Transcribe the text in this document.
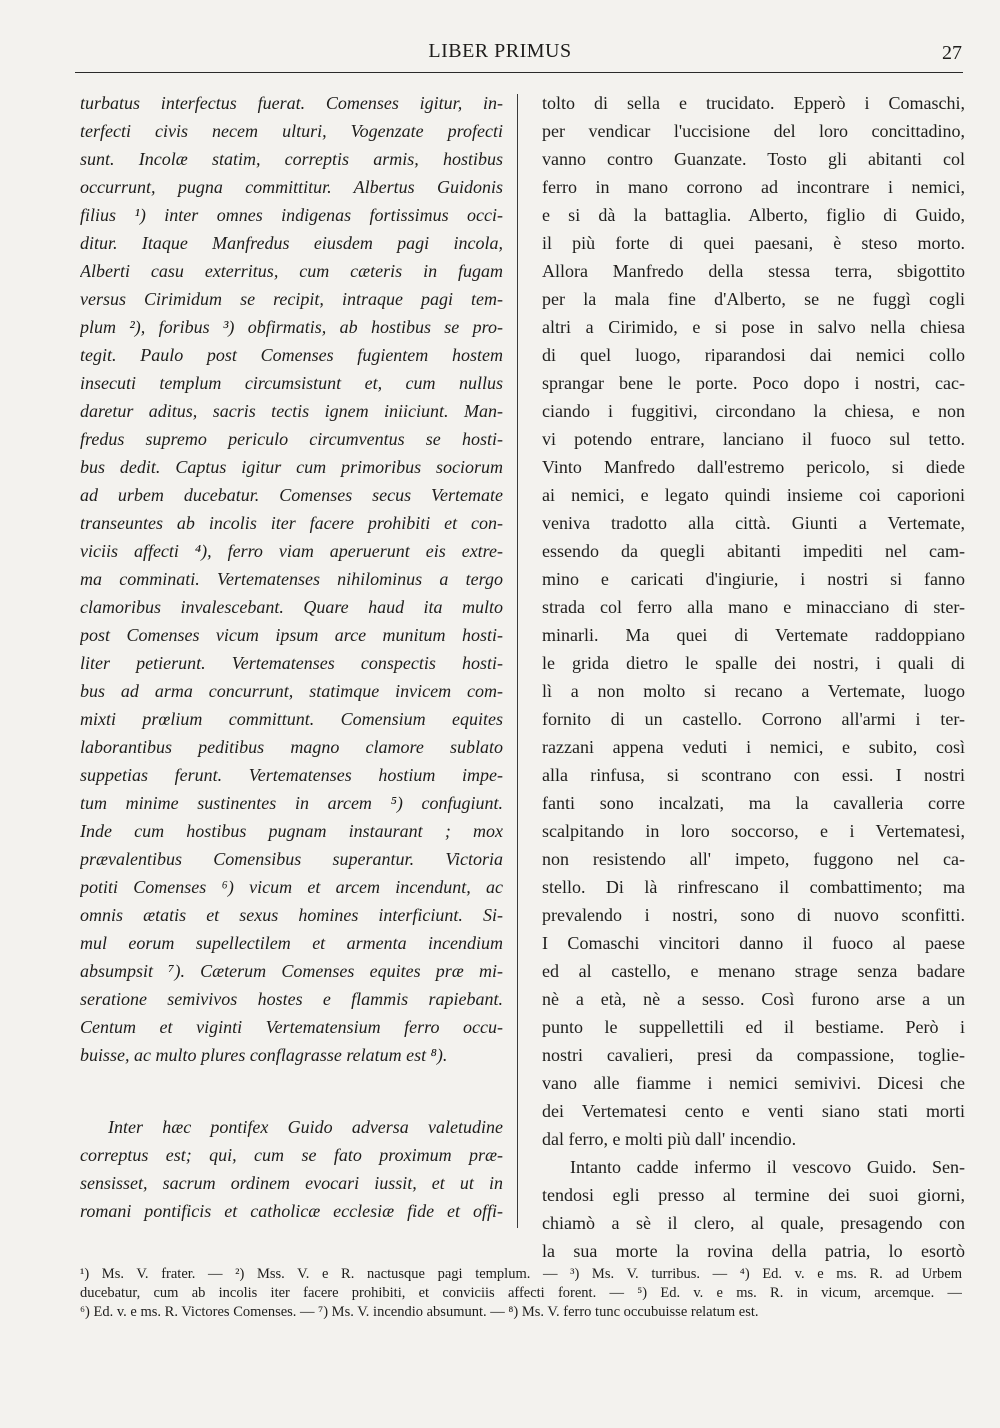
LIBER PRIMUS	27
turbatus interfectus fuerat. Comenses igitur, in-
terfecti civis necem ulturi, Vogenzate profecti
sunt. Incolæ statim, correptis armis, hostibus
occurrunt, pugna committitur. Albertus Guidonis
filius ¹) inter omnes indigenas fortissimus occi-
ditur. Itaque Manfredus eiusdem pagi incola,
Alberti casu exterritus, cum cæteris in fugam
versus Cirimidum se recipit, intraque pagi tem-
plum ²), foribus ³) obfirmatis, ab hostibus se pro-
tegit. Paulo post Comenses fugientem hostem
insecuti templum circumsistunt et, cum nullus
daretur aditus, sacris tectis ignem iniiciunt. Man-
fredus supremo periculo circumventus se hosti-
bus dedit. Captus igitur cum primoribus sociorum
ad urbem ducebatur. Comenses secus Vertemate
transeuntes ab incolis iter facere prohibiti et con-
viciis affecti ⁴), ferro viam aperuerunt eis extre-
ma comminati. Vertematenses nihilominus a tergo
clamoribus invalescebant. Quare haud ita multo
post Comenses vicum ipsum arce munitum hosti-
liter petierunt. Vertematenses conspectis hosti-
bus ad arma concurrunt, statimque invicem com-
mixti prœlium committunt. Comensium equites
laborantibus peditibus magno clamore sublato
suppetias ferunt. Vertematenses hostium impe-
tum minime sustinentes in arcem ⁵) confugiunt.
Inde cum hostibus pugnam instaurant ; mox
prævalentibus Comensibus superantur. Victoria
potiti Comenses ⁶) vicum et arcem incendunt, ac
omnis ætatis et sexus homines interficiunt. Si-
mul eorum supellectilem et armenta incendium
absumpsit ⁷). Cæterum Comenses equites præ mi-
seratione semivivos hostes e flammis rapiebant.
Centum et viginti Vertematensium ferro occu-
buisse, ac multo plures conflagrasse relatum est ⁸).
Inter hæc pontifex Guido adversa valetudine
correptus est; qui, cum se fato proximum præ-
sensisset, sacrum ordinem evocari iussit, et ut in
romani pontificis et catholicæ ecclesiæ fide et offi-
tolto di sella e trucidato. Epperò i Comaschi,
per vendicar l'uccisione del loro concittadino,
vanno contro Guanzate. Tosto gli abitanti col
ferro in mano corrono ad incontrare i nemici,
e si dà la battaglia. Alberto, figlio di Guido,
il più forte di quei paesani, è steso morto.
Allora Manfredo della stessa terra, sbigottito
per la mala fine d'Alberto, se ne fuggì cogli
altri a Cirimido, e si pose in salvo nella chiesa
di quel luogo, riparandosi dai nemici collo
sprangar bene le porte. Poco dopo i nostri, cac-
ciando i fuggitivi, circondano la chiesa, e non
vi potendo entrare, lanciano il fuoco sul tetto.
Vinto Manfredo dall'estremo pericolo, si diede
ai nemici, e legato quindi insieme coi caporioni
veniva tradotto alla città. Giunti a Vertemate,
essendo da quegli abitanti impediti nel cam-
mino e caricati d'ingiurie, i nostri si fanno
strada col ferro alla mano e minacciano di ster-
minarli. Ma quei di Vertemate raddoppiano
le grida dietro le spalle dei nostri, i quali di
lì a non molto si recano a Vertemate, luogo
fornito di un castello. Corrono all'armi i ter-
razzani appena veduti i nemici, e subito, così
alla rinfusa, si scontrano con essi. I nostri
fanti sono incalzati, ma la cavalleria corre
scalpitando in loro soccorso, e i Vertematesi,
non resistendo all' impeto, fuggono nel ca-
stello. Di là rinfrescano il combattimento; ma
prevalendo i nostri, sono di nuovo sconfitti.
I Comaschi vincitori danno il fuoco al paese
ed al castello, e menano strage senza badare
nè a età, nè a sesso. Così furono arse a un
punto le suppellettili ed il bestiame. Però i
nostri cavalieri, presi da compassione, toglie-
vano alle fiamme i nemici semivivi. Dicesi che
dei Vertematesi cento e venti siano stati morti
dal ferro, e molti più dall' incendio.
Intanto cadde infermo il vescovo Guido. Sen-
tendosi egli presso al termine dei suoi giorni,
chiamò a sè il clero, al quale, presagendo con
la sua morte la rovina della patria, lo esortò
¹) Ms. V. frater. — ²) Mss. V. e R. nactusque pagi templum. — ³) Ms. V. turribus. — ⁴) Ed. v. e ms. R. ad Urbem
ducebatur, cum ab incolis iter facere prohibiti, et conviciis affecti forent. — ⁵) Ed. v. e ms. R. in vicum, arcemque. —
⁶) Ed. v. e ms. R. Victores Comenses. — ⁷) Ms. V. incendio absumunt. — ⁸) Ms. V. ferro tunc occubuisse relatum est.
